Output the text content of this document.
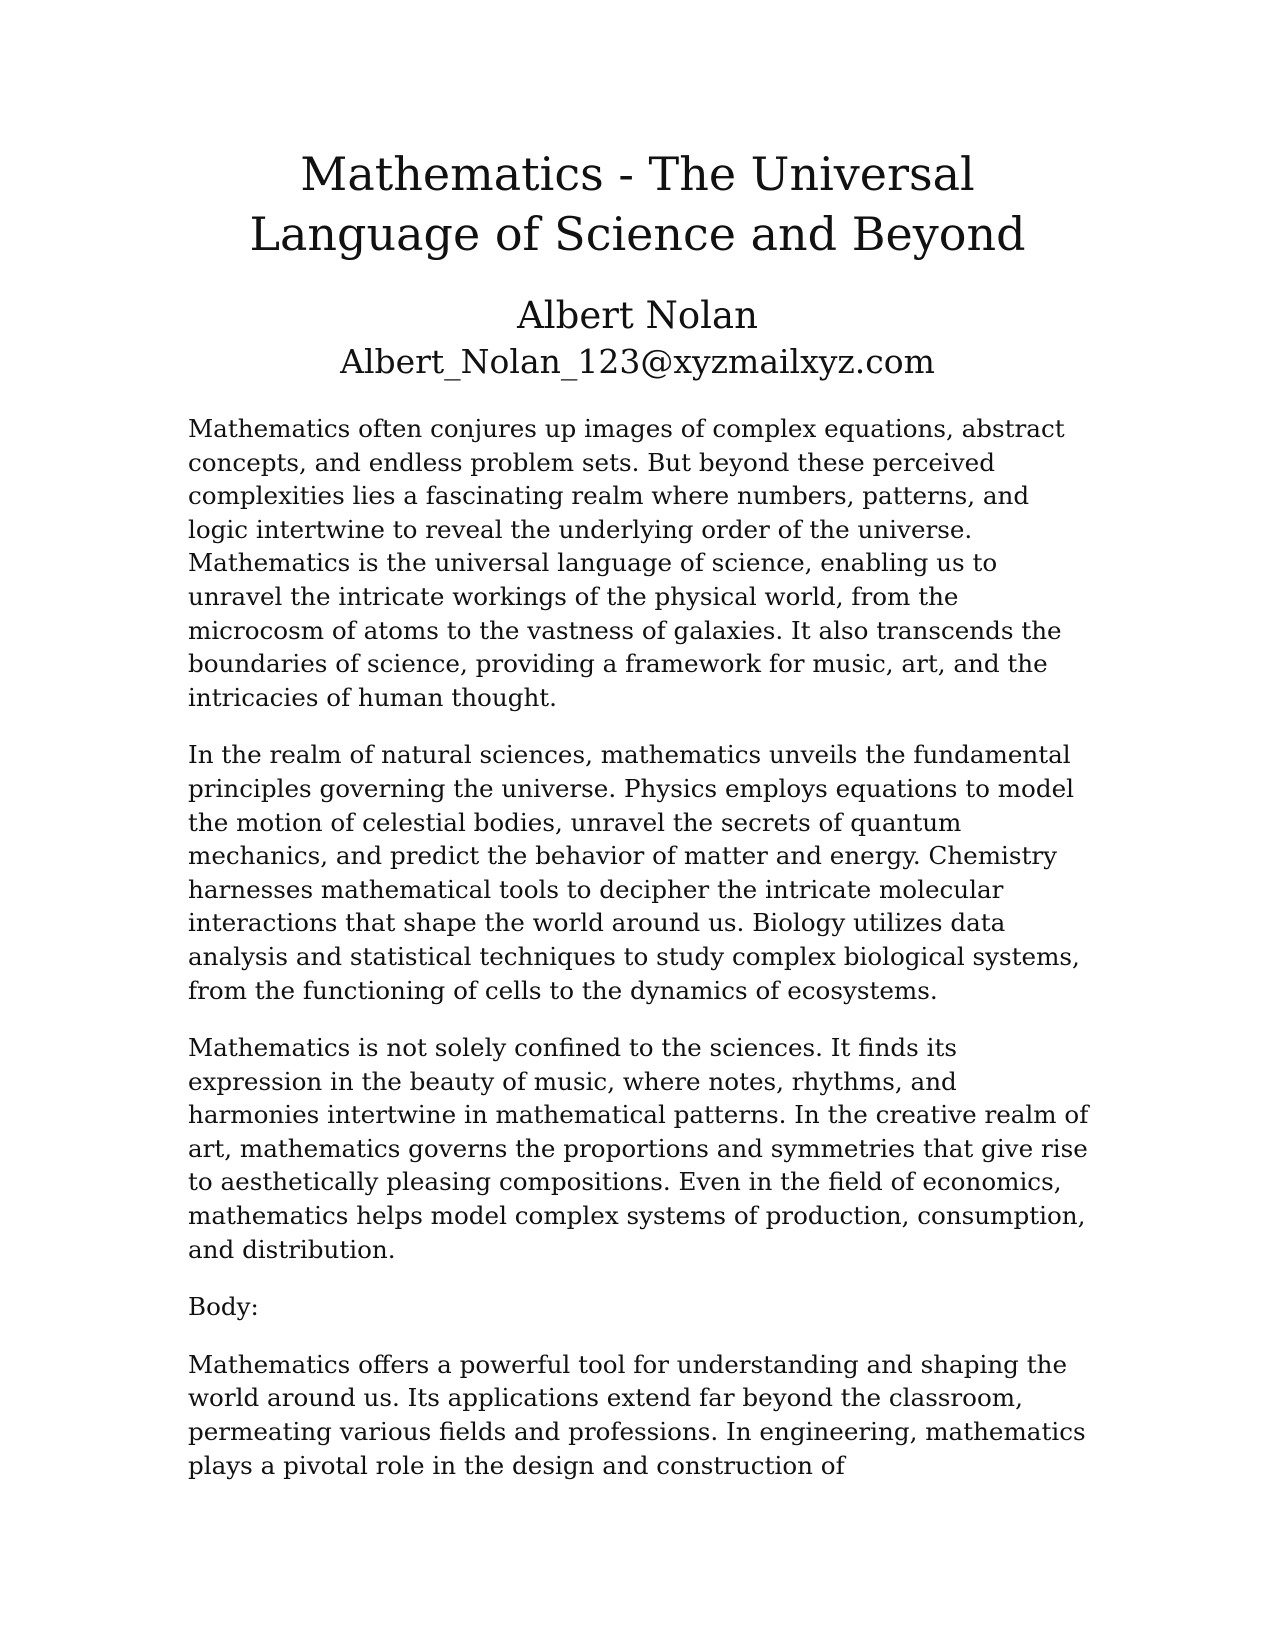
Mathematics - The Universal
Language of Science and Beyond

Albert Nolan

Albert_Nolan_123@xyzmailxyz.com

Mathematics often conjures up images of complex equations, abstract concepts, and endless problem sets. But beyond these perceived complexities lies a fascinating realm where numbers, patterns, and logic intertwine to reveal the underlying order of the universe. Mathematics is the universal language of science, enabling us to unravel the intricate workings of the physical world, from the microcosm of atoms to the vastness of galaxies. It also transcends the boundaries of science, providing a framework for music, art, and the intricacies of human thought.

In the realm of natural sciences, mathematics unveils the fundamental principles governing the universe. Physics employs equations to model the motion of celestial bodies, unravel the secrets of quantum mechanics, and predict the behavior of matter and energy. Chemistry harnesses mathematical tools to decipher the intricate molecular interactions that shape the world around us. Biology utilizes data analysis and statistical techniques to study complex biological systems, from the functioning of cells to the dynamics of ecosystems.

Mathematics is not solely confined to the sciences. It finds its expression in the beauty of music, where notes, rhythms, and harmonies intertwine in mathematical patterns. In the creative realm of art, mathematics governs the proportions and symmetries that give rise to aesthetically pleasing compositions. Even in the field of economics, mathematics helps model complex systems of production, consumption, and distribution.

Body:

Mathematics offers a powerful tool for understanding and shaping the world around us. Its applications extend far beyond the classroom, permeating various fields and professions. In engineering, mathematics plays a pivotal role in the design and construction of
